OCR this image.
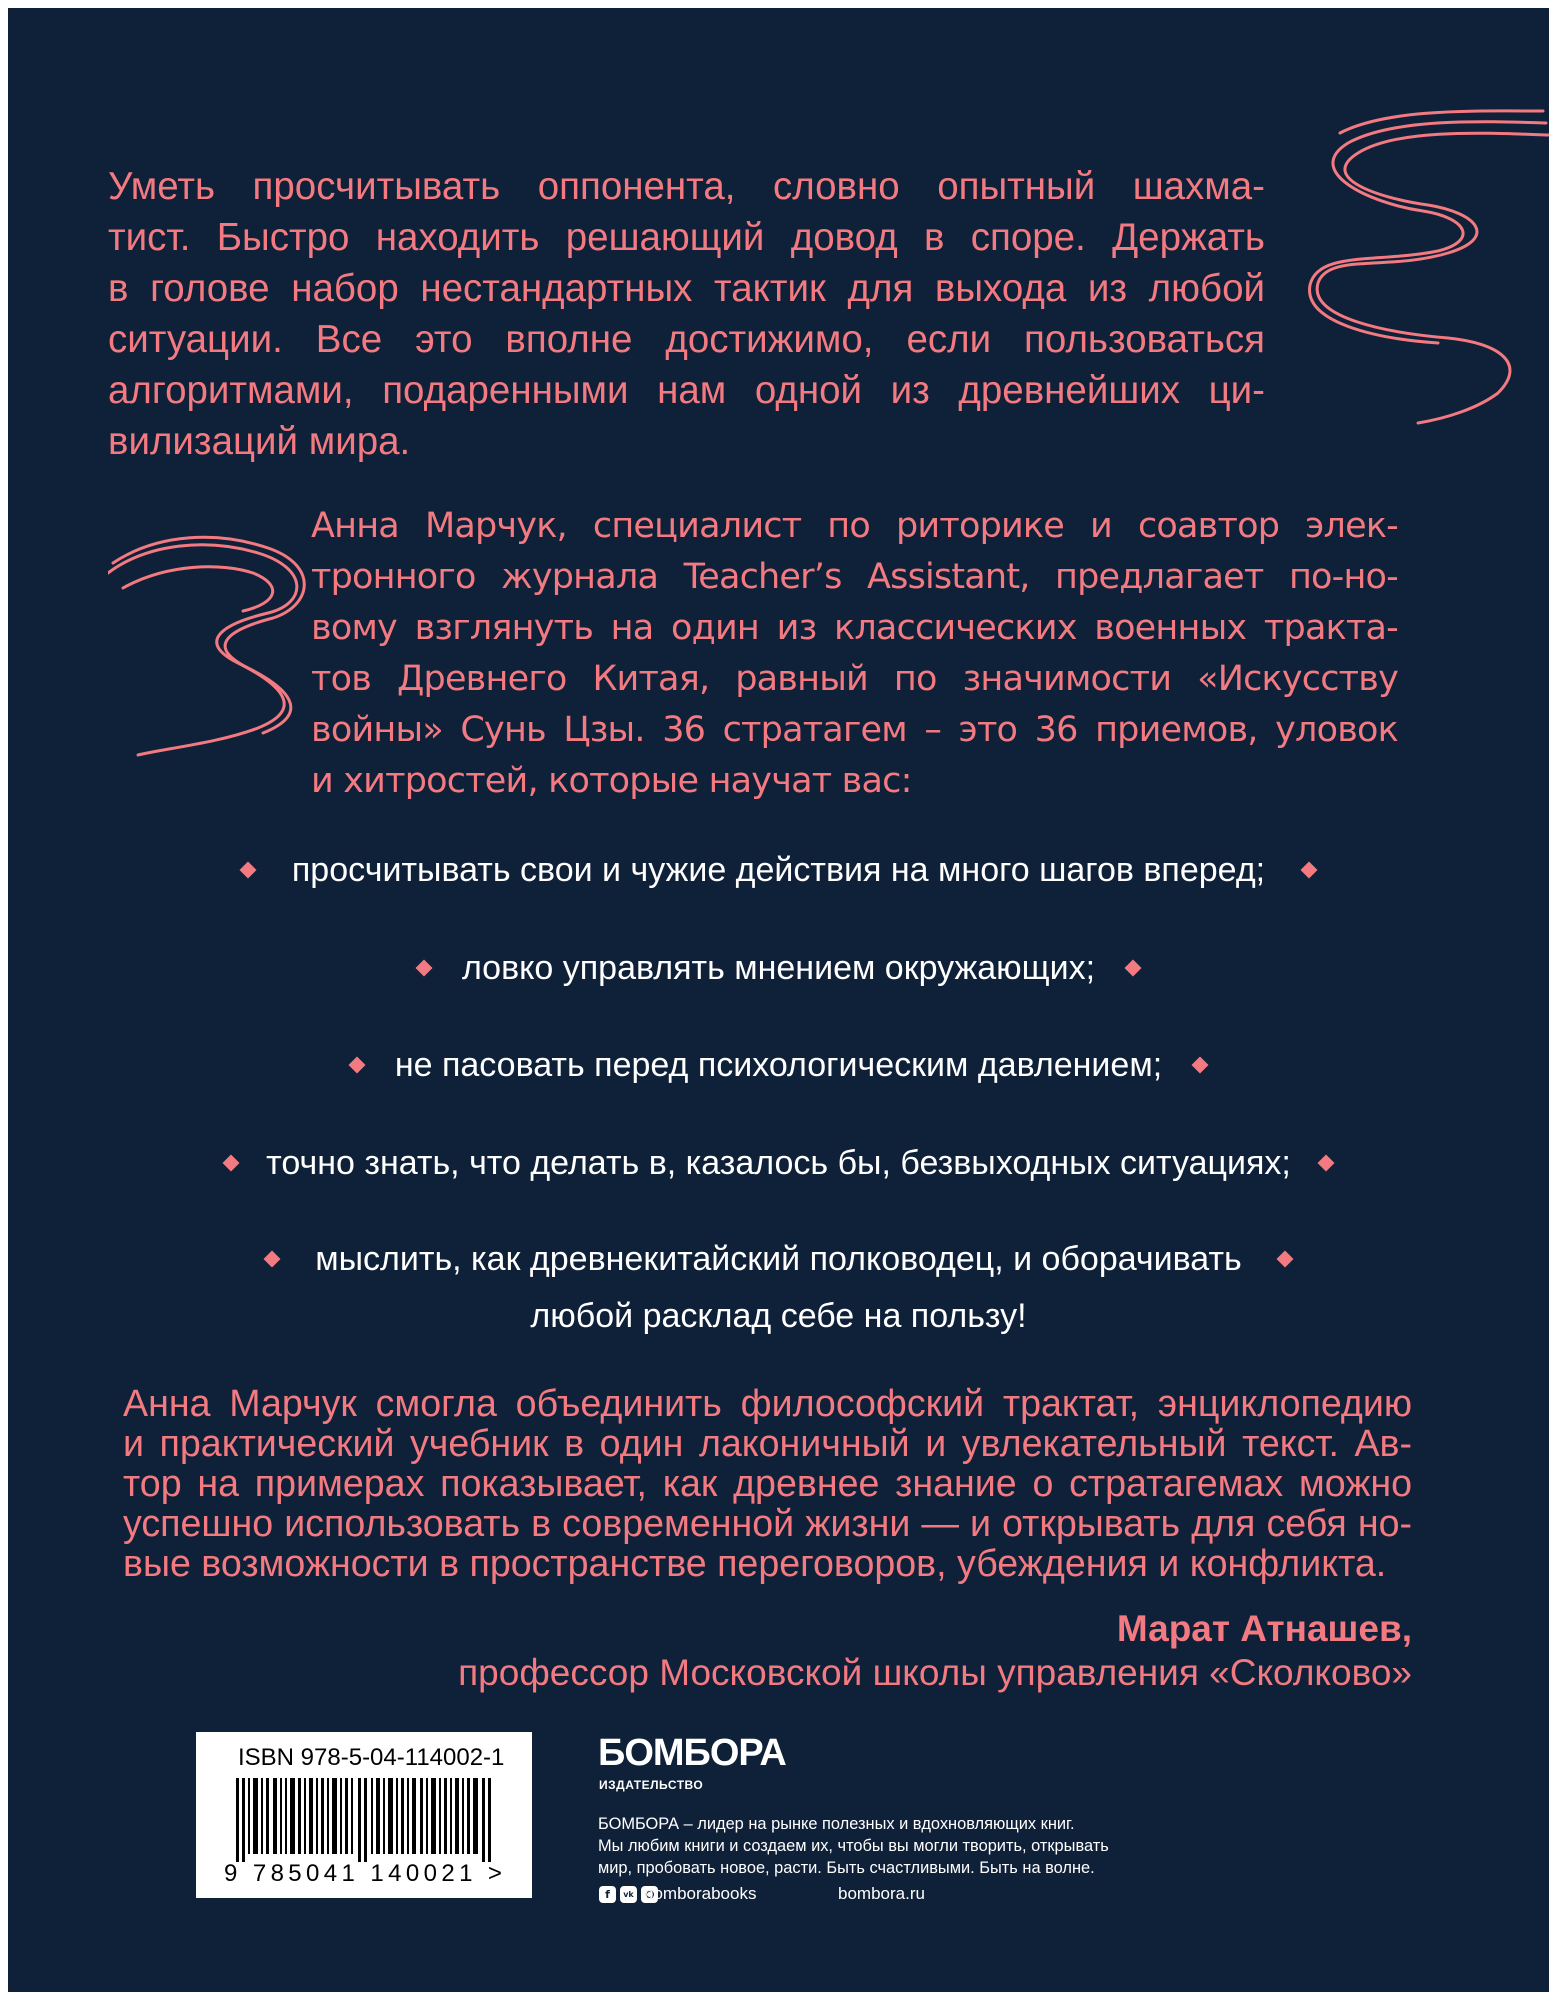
Уметь просчитывать оппонента, словно опытный шахма-
тист. Быстро находить решающий довод в споре. Держать
в голове набор нестандартных тактик для выхода из любой
ситуации. Все это вполне достижимо, если пользоваться
алгоритмами, подаренными нам одной из древнейших ци-
вилизаций мира.
Анна Марчук, специалист по риторике и соавтор элек-
тронного журнала Teacher’s Assistant, предлагает по-но-
вому взглянуть на один из классических военных тракта-
тов Древнего Китая, равный по значимости «Искусству
войны» Сунь Цзы. 36 стратагем – это 36 приемов, уловок
и хитростей, которые научат вас:
просчитывать свои и чужие действия на много шагов вперед;
ловко управлять мнением окружающих;
не пасовать перед психологическим давлением;
точно знать, что делать в, казалось бы, безвыходных ситуациях;
мыслить, как древнекитайский полководец, и оборачивать
любой расклад себе на пользу!
Анна Марчук смогла объединить философский трактат, энциклопедию
и практический учебник в один лаконичный и увлекательный текст. Ав-
тор на примерах показывает, как древнее знание о стратагемах можно
успешно использовать в современной жизни — и открывать для себя но-
вые возможности в пространстве переговоров, убеждения и конфликта.
Марат Атнашев,
профессор Московской школы управления «Сколково»
ISBN 978-5-04-114002-1
9 785041 140021 >
БОМБОРА
ИЗДАТЕЛЬСТВО
БОМБОРА – лидер на рынке полезных и вдохновляющих книг.
Мы любим книги и создаем их, чтобы вы могли творить, открывать
мир, пробовать новое, расти. Быть счастливыми. Быть на волне.
f	vk bomborabooks	bombora.ru
